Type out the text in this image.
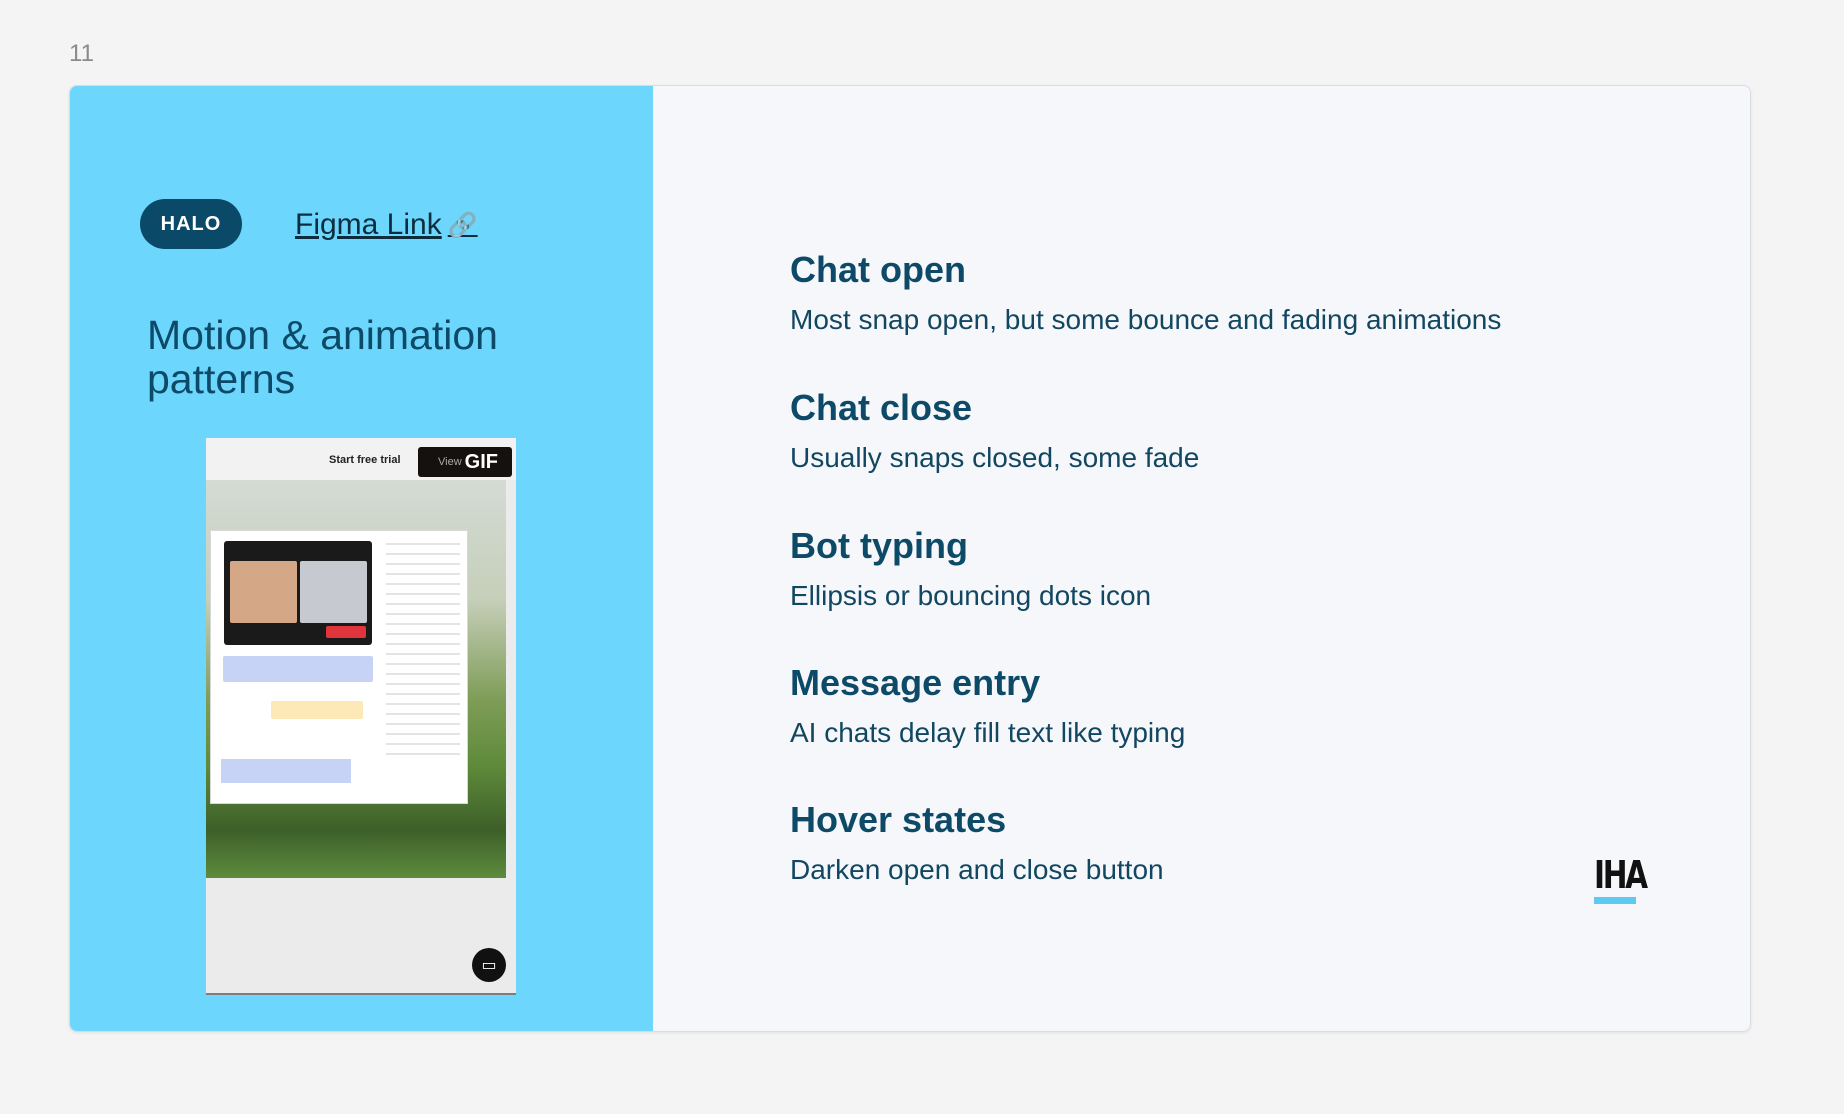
11
HALO	Figma Link 🔗
Motion & animation patterns
Start free trial	View GIF
▭
Chat open
Most snap open, but some bounce and fading animations
Chat close
Usually snaps closed, some fade
Bot typing
Ellipsis or bouncing dots icon
Message entry
AI chats delay fill text like typing
Hover states
Darken open and close button	IHA
